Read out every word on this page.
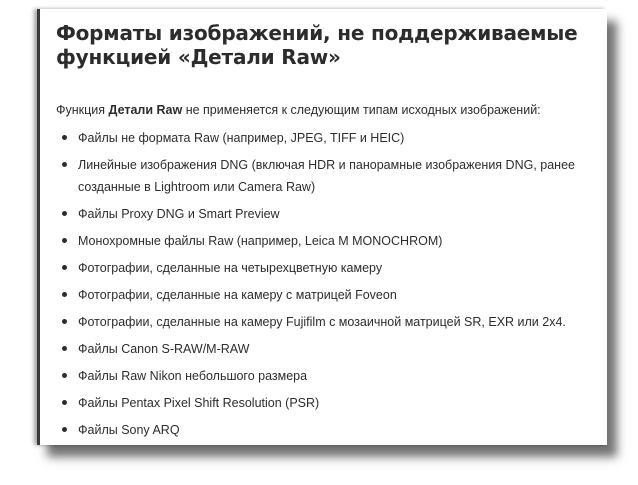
Форматы изображений, не поддерживаемые функцией «Детали Raw»

Функция Детали Raw не применяется к следующим типам исходных изображений:

Файлы не формата Raw (например, JPEG, TIFF и HEIC)
Линейные изображения DNG (включая HDR и панорамные изображения DNG, ранее созданные в Lightroom или Camera Raw)
Файлы Proxy DNG и Smart Preview
Монохромные файлы Raw (например, Leica M MONOCHROM)
Фотографии, сделанные на четырехцветную камеру
Фотографии, сделанные на камеру с матрицей Foveon
Фотографии, сделанные на камеру Fujifilm с мозаичной матрицей SR, EXR или 2x4.
Файлы Canon S-RAW/M-RAW
Файлы Raw Nikon небольшого размера
Файлы Pentax Pixel Shift Resolution (PSR)
Файлы Sony ARQ
